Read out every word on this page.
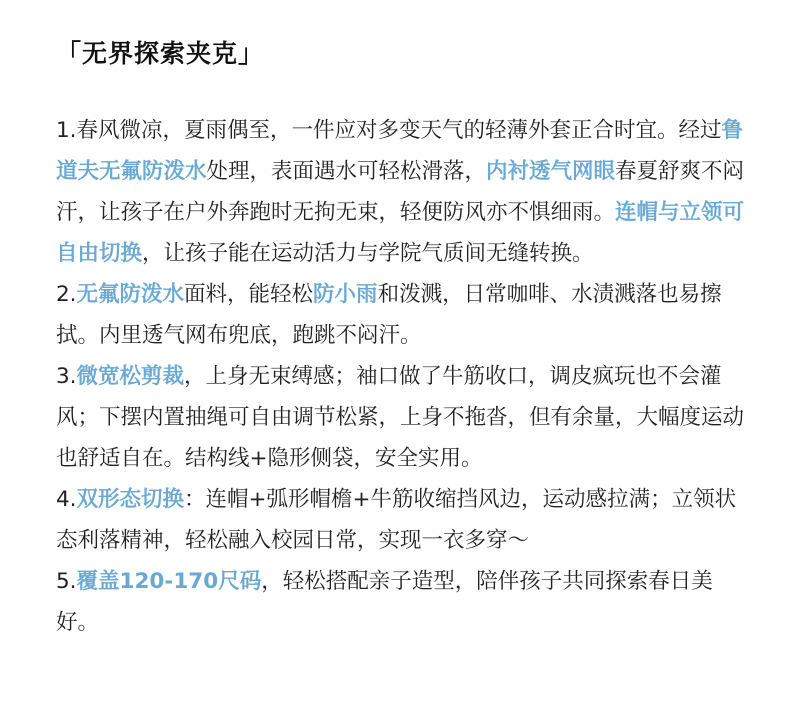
「无界探索夹克」

1.春风微凉，夏雨偶至，一件应对多变天气的轻薄外套正合时宜。经过鲁道夫无氟防泼水处理，表面遇水可轻松滑落，内衬透气网眼春夏舒爽不闷汗，让孩子在户外奔跑时无拘无束，轻便防风亦不惧细雨。连帽与立领可自由切换，让孩子能在运动活力与学院气质间无缝转换。

2.无氟防泼水面料，能轻松防小雨和泼溅，日常咖啡、水渍溅落也易擦拭。内里透气网布兜底，跑跳不闷汗。

3.微宽松剪裁，上身无束缚感；袖口做了牛筋收口，调皮疯玩也不会灌风；下摆内置抽绳可自由调节松紧，上身不拖沓，但有余量，大幅度运动也舒适自在。结构线+隐形侧袋，安全实用。

4.双形态切换：连帽+弧形帽檐+牛筋收缩挡风边，运动感拉满；立领状态利落精神，轻松融入校园日常，实现一衣多穿～

5.覆盖120-170尺码，轻松搭配亲子造型，陪伴孩子共同探索春日美好。
